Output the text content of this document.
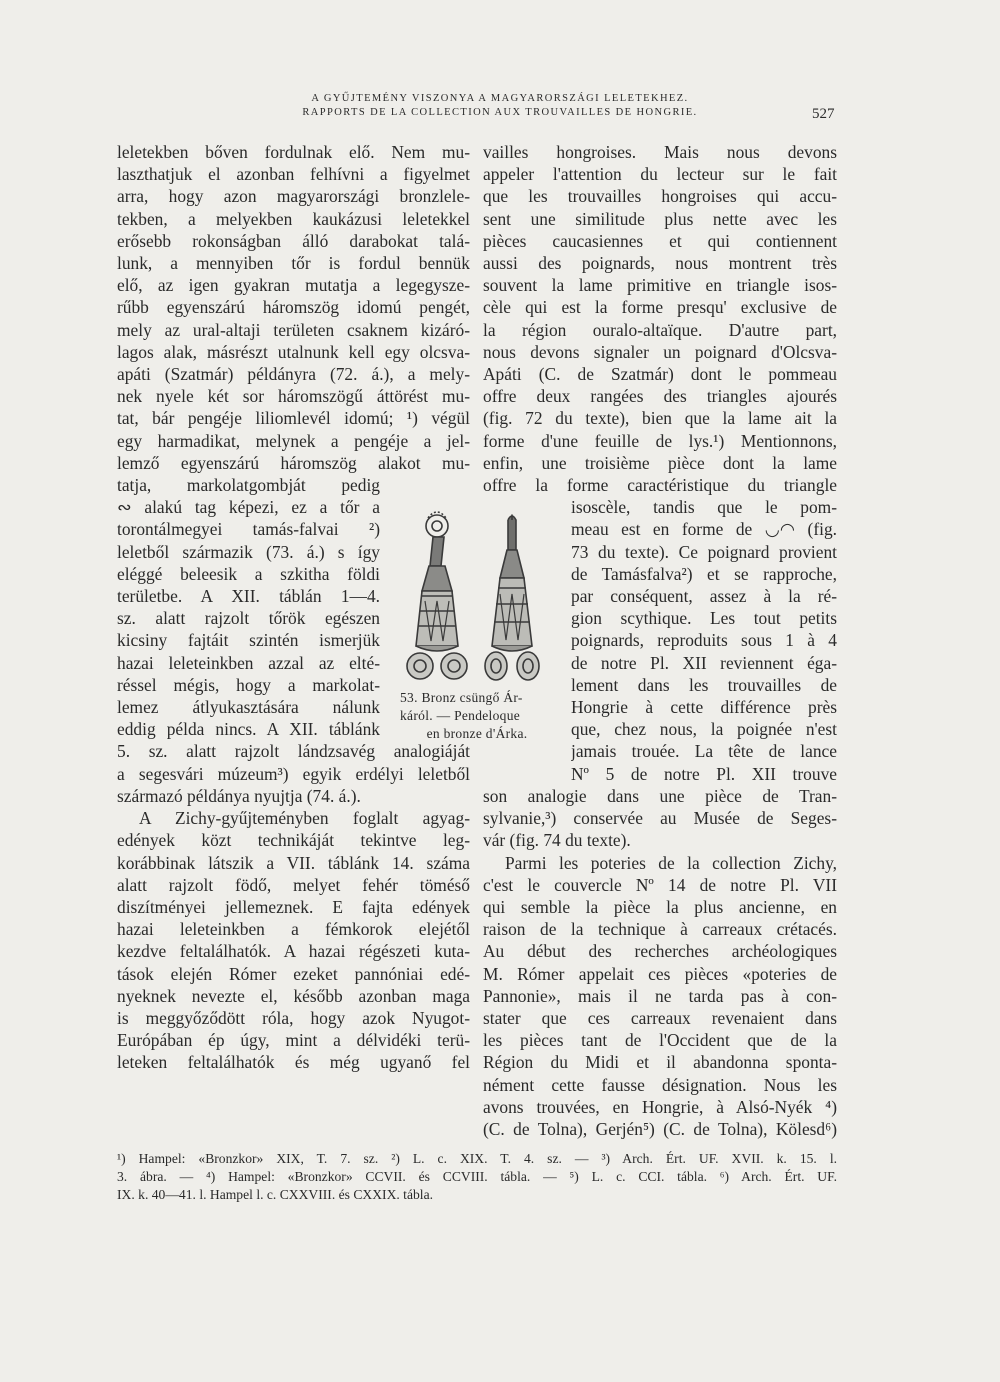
A GYŰJTEMÉNY VISZONYA A MAGYARORSZÁGI LELETEKHEZ.
RAPPORTS DE LA COLLECTION AUX TROUVAILLES DE HONGRIE.	527
leletekben bőven fordulnak elő. Nem mu-
laszthatjuk el azonban felhívni a figyelmet
arra, hogy azon magyarországi bronzlele-
tekben, a melyekben kaukázusi leletekkel
erősebb rokonságban álló darabokat talá-
lunk, a mennyiben tőr is fordul bennük
elő, az igen gyakran mutatja a legegysze-
rűbb egyenszárú háromszög idomú pengét,
mely az ural-altaji területen csaknem kizáró-
lagos alak, másrészt utalnunk kell egy olcsva-
apáti (Szatmár) példányra (72. á.), a mely-
nek nyele két sor háromszögű áttörést mu-
tat, bár pengéje liliomlevél idomú; ¹) végül
egy harmadikat, melynek a pengéje a jel-
lemző egyenszárú háromszög alakot mu-
tatja, markolatgombját pedig
∾ alakú tag képezi, ez a tőr a
torontálmegyei tamás-falvai ²)
leletből származik (73. á.) s így
eléggé beleesik a szkitha földi
területbe. A XII. táblán 1—4.
sz. alatt rajzolt tőrök egészen
kicsiny fajtáit szintén ismerjük
hazai leleteinkben azzal az elté-
réssel mégis, hogy a markolat-
lemez átlyukasztására nálunk
eddig példa nincs. A XII. táblánk
5. sz. alatt rajzolt lándzsavég analogiáját
a segesvári múzeum³) egyik erdélyi leletből
származó példánya nyujtja (74. á.).
A Zichy-gyűjteményben foglalt agyag-
edények közt technikáját tekintve leg-
korábbinak látszik a VII. táblánk 14. száma
alatt rajzolt födő, melyet fehér töméső
diszítményei jellemeznek. E fajta edények
hazai leleteinkben a fémkorok elejétől
kezdve feltalálhatók. A hazai régészeti kuta-
tások elején Rómer ezeket pannóniai edé-
nyeknek nevezte el, később azonban maga
is meggyőződött róla, hogy azok Nyugot-
Európában ép úgy, mint a délvidéki terü-
leteken feltalálhatók és még ugyanő fel
vailles hongroises. Mais nous devons
appeler l'attention du lecteur sur le fait
que les trouvailles hongroises qui accu-
sent une similitude plus nette avec les
pièces caucasiennes et qui contiennent
aussi des poignards, nous montrent très
souvent la lame primitive en triangle isos-
cèle qui est la forme presqu' exclusive de
la région ouralo-altaïque. D'autre part,
nous devons signaler un poignard d'Olcsva-
Apáti (C. de Szatmár) dont le pommeau
offre deux rangées des triangles ajourés
(fig. 72 du texte), bien que la lame ait la
forme d'une feuille de lys.¹) Mentionnons,
enfin, une troisième pièce dont la lame
offre la forme caractéristique du triangle
isoscèle, tandis que le pom-
meau est en forme de ◡◠ (fig.
73 du texte). Ce poignard provient
de Tamásfalva²) et se rapproche,
par conséquent, assez à la ré-
gion scythique. Les tout petits
poignards, reproduits sous 1 à 4
de notre Pl. XII reviennent éga-
lement dans les trouvailles de
Hongrie à cette différence près
que, chez nous, la poignée n'est
jamais trouée. La tête de lance
Nº 5 de notre Pl. XII trouve
son analogie dans une pièce de Tran-
sylvanie,³) conservée au Musée de Seges-
vár (fig. 74 du texte).
Parmi les poteries de la collection Zichy,
c'est le couvercle Nº 14 de notre Pl. VII
qui semble la pièce la plus ancienne, en
raison de la technique à carreaux crétacés.
Au début des recherches archéologiques
M. Rómer appelait ces pièces «poteries de
Pannonie», mais il ne tarda pas à con-
stater que ces carreaux revenaient dans
les pièces tant de l'Occident que de la
Région du Midi et il abandonna sponta-
nément cette fausse désignation. Nous les
avons trouvées, en Hongrie, à Alsó-Nyék ⁴)
(C. de Tolna), Gerjén⁵) (C. de Tolna), Kölesd⁶)
53. Bronz csüngő Ár-
káról. — Pendeloque
en bronze d'Árka.
¹) Hampel: «Bronzkor» XIX, T. 7. sz. ²) L. c. XIX. T. 4. sz. — ³) Arch. Ért. UF. XVII. k. 15. l.
3. ábra. — ⁴) Hampel: «Bronzkor» CCVII. és CCVIII. tábla. — ⁵) L. c. CCI. tábla. ⁶) Arch. Ért. UF.
IX. k. 40—41. l. Hampel l. c. CXXVIII. és CXXIX. tábla.
